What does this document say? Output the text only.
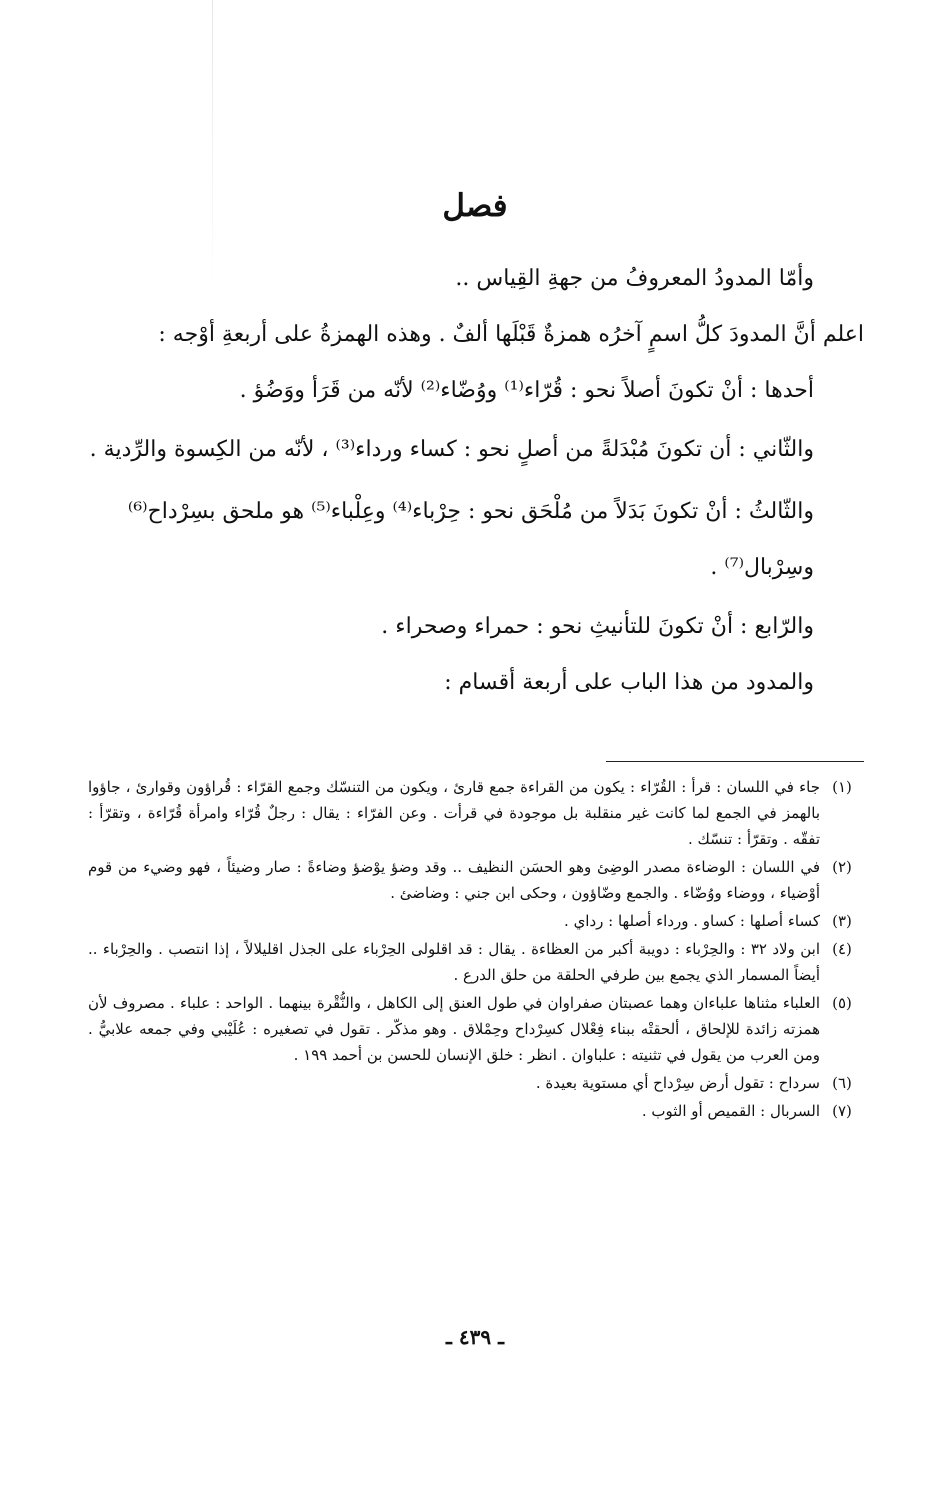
فصل

وأمّا المدودُ المعروفُ من جهةِ القِياس ..

اعلم أنَّ المدودَ كلُّ اسمٍ آخرُه همزةٌ قَبْلَها ألفٌ . وهذه الهمزةُ على أربعةِ أوْجه :

أحدها : أنْ تكونَ أصلاً نحو : قُرّاء⁽¹⁾ ووُضّاء⁽²⁾ لأنّه من قَرَأ ووَضُؤ .

والثّاني : أن تكونَ مُبْدَلةً من أصلٍ نحو : كساء ورداء⁽³⁾ ، لأنّه من الكِسوة والرِّدية .

والثّالثُ : أنْ تكونَ بَدَلاً من مُلْحَق نحو : حِرْباء⁽⁴⁾ وعِلْباء⁽⁵⁾ هو ملحق بسِرْداح⁽⁶⁾ وسِرْبال⁽⁷⁾ .

والرّابع : أنْ تكونَ للتأنيثِ نحو : حمراء وصحراء .

والمدود من هذا الباب على أربعة أقسام :

(١)
جاء في اللسان : قرأ : القُرّاء : يكون من القراءة جمع قارئ ، ويكون من التنسّك وجمع القرّاء : قُراؤون وقوارئ ، جاؤوا بالهمز في الجمع لما كانت غير منقلبة بل موجودة في قرأت . وعن الفرّاء : يقال : رجلٌ قُرّاء وامرأة قُرّاءة ، وتقرّأ : تفقّه . وتقرّأ : تنسّك .
(٢)
في اللسان : الوضاءة مصدر الوضِئ وهو الحسَن النظيف .. وقد وضؤ يوْضؤ وضاءةً : صار وضيئاً ، فهو وضيء من قوم أوْضياء ، ووضاء ووُضّاء . والجمع وضّاؤون ، وحكى ابن جني : وضاضئ .
(٣)
كساء أصلها : كساو . ورداء أصلها : رداي .
(٤)
ابن ولاد ٣٢ : والحِرْباء : دويبة أكبر من العظاءة . يقال : قد اقلولى الحِرْباء على الجذل اقليلالاً ، إذا انتصب . والحِرْباء .. أيضاً المسمار الذي يجمع بين طرفي الحلقة من حلق الدرع .
(٥)
العلباء مثناها علباءان وهما عصبتان صفراوان في طول العنق إلى الكاهل ، والنُّقْرة بينهما . الواحد : علباء . مصروف لأن همزته زائدة للإلحاق ، ألحقتْه ببناء فِعْلال كسِرْداح وحِمْلاق . وهو مذكّر . تقول في تصغيره : عُلَيْبي وفي جمعه علابيُّ . ومن العرب من يقول في تثنيته : علباوان . انظر : خلق الإنسان للحسن بن أحمد ١٩٩ .
(٦)
سرداح : تقول أرض سِرْداح أي مستوية بعيدة .
(٧)
السربال : القميص أو الثوب .
ـ ٤٣٩ ـ
